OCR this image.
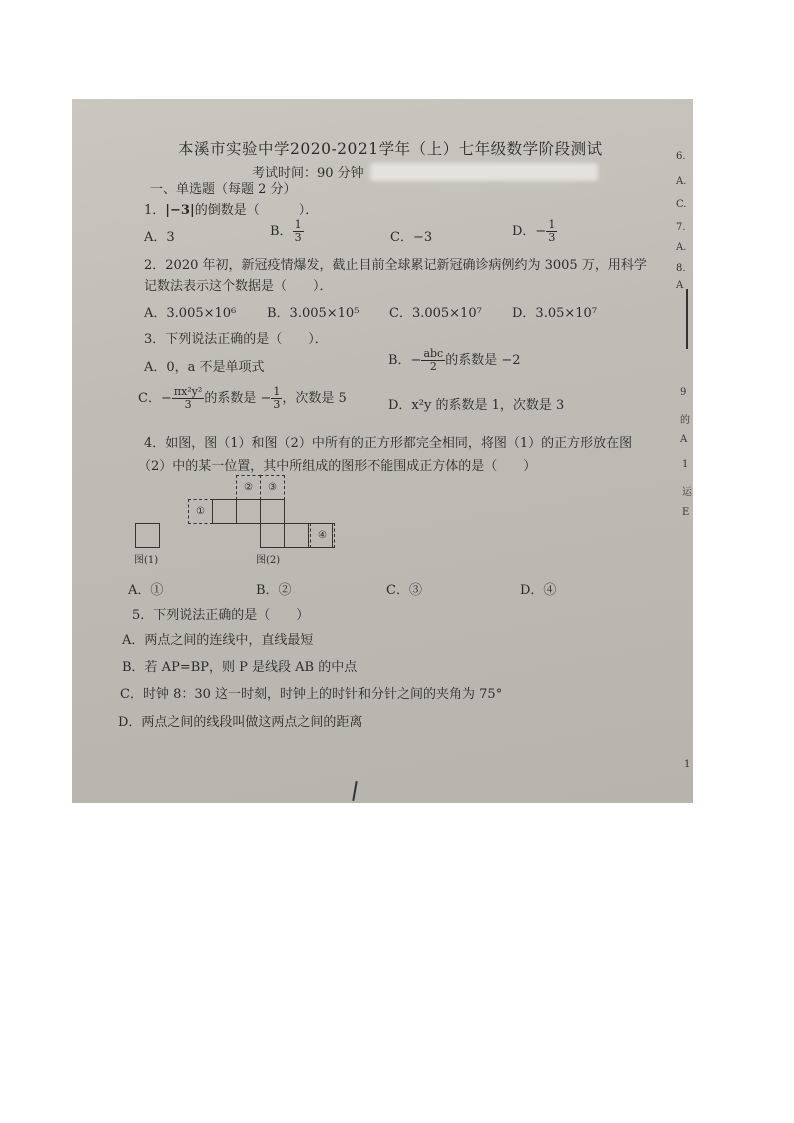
本溪市实验中学2020-2021学年（上）七年级数学阶段测试
考试时间：90 分钟
一、单选题（每题 2 分）
1．|−3|的倒数是（　　　）．
A．3	B． $\frac{1}{3}$	C．−3	D．− $\frac{1}{3}$
2．2020 年初，新冠疫情爆发，截止目前全球累记新冠确诊病例约为 3005 万，用科学
记数法表示这个数据是（　　）．
A．3.005×10⁶ B．3.005×10⁵ C．3.005×10⁷ D．3.05×10⁷
3．下列说法正确的是（　　）．
A．0，a 不是单项式	B．− $\frac{\text{abc}}{2}$ 的系数是 −2
C．− $\frac{\text{πx²y²}}{3}$ 的系数是 − $\frac{1}{3}$ ，次数是 5	D．x²y 的系数是 1，次数是 3
4．如图，图（1）和图（2）中所有的正方形都完全相同，将图（1）的正方形放在图
（2）中的某一位置，其中所组成的图形不能围成正方体的是（　　）
图(1)
①
②	③
④
图(2)
A．①	B．②	C．③	D．④
5．下列说法正确的是（　　）
A．两点之间的连线中，直线最短
B．若 AP=BP，则 P 是线段 AB 的中点
C．时钟 8：30 这一时刻，时钟上的时针和分针之间的夹角为 75°
D．两点之间的线段叫做这两点之间的距离
6.
A.
C.
7.
A.
8.
A
9
的
A
1
运
E
1
